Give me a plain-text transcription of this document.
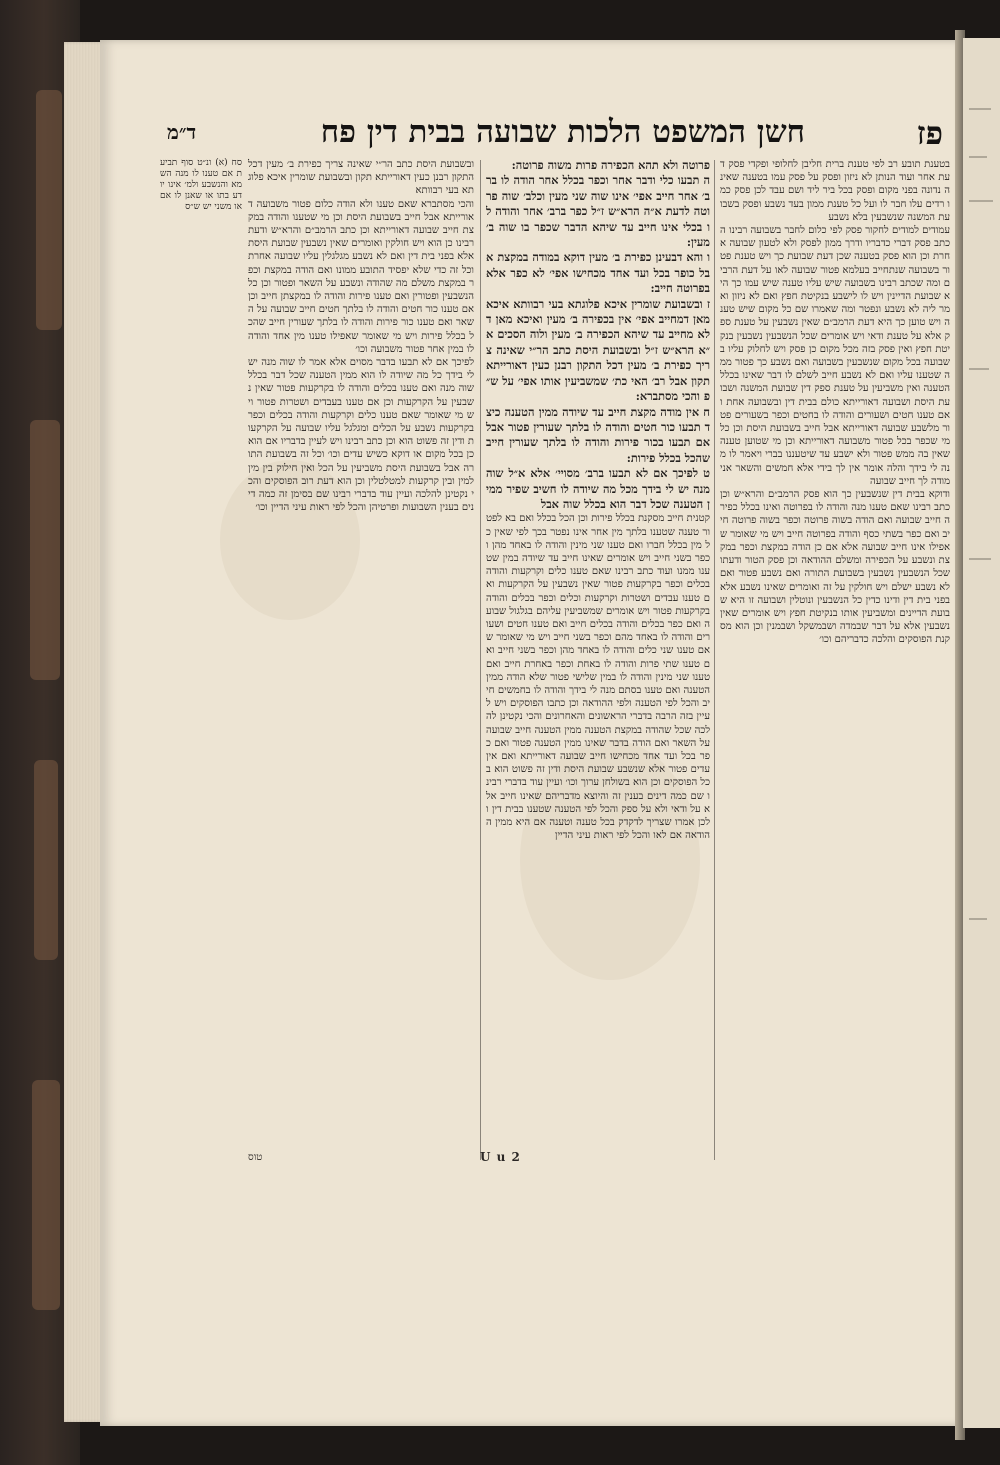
פז
חשן המשפט הלכות שבועה בבית דין פח
ד״מ

בטענת תובע רב לפי טענת ברית חליבן לחלופי ופקדי פסק דעת אחר ועוד הנותן לא ניזון ופסק על פסק עמו בטענה שאינה נדונה בפני מקום ופסק בכל ביר ליד ושם עבד לכן פסק כמו רדים עלו חבר לו ועל כל טענת ממון בעד נשבע ופסק בשבועת המשנה שנשבעין בלא נשבע

עמודים למודים לחקור פסק לפי כלום לחבר בשבועה רבינו הכתב פסק דברי כדבריו ודרך ממון לפסק ולא לטעון שבועה אחרת וכן הוא פסק בטענה שכן דעת שבועת כך ויש טענת פטור בשבועה שנתחייב בעלמא פטור שבועה לאו על דעת הרבים ומה שכתב רבינו בשבועה שיש עליו טענה שיש עמו כך היא שבועת הדיינין ויש לו לישבע בנקיטת חפץ ואם לא ניזון ואמר ליה לא נשבע ונפטר ומה שאמרו שם כל מקום שיש טענה ויש טוען כך היא דעת הרמב״ם שאין נשבעין על טענת ספק אלא על טענת ודאי ויש אומרים שכל הנשבעין נשבעין בנקיטת חפץ ואין פסק בזה מכל מקום כן פסק ויש לחלוק עליו בשבועה בכל מקום שנשבעין בשבועה ואם נשבע כך פטור ממה שטענו עליו ואם לא נשבע חייב לשלם לו דבר שאינו בכלל הטענה ואין משביעין על טענת ספק דין שבועת המשנה ושבועת היסת ושבועה דאורייתא כולם בבית דין ובשבועה אחת ואם טענו חטים ושעורים והודה לו בחטים וכפר בשעורים פטור מלשבע שבועה דאורייתא אבל חייב בשבועת היסת וכן כל מי שכפר בכל פטור משבועה דאורייתא וכן מי שטוען טענה שאין בה ממש פטור ולא ישבע עד שיטעננו בברי ויאמר לו מנה לי בידך והלה אומר אין לך בידי אלא חמשים והשאר אני מודה לך חייב שבועה

ודוקא בבית דין שנשבעין כך הוא פסק הרמב״ם והרא״ש וכן כתב רבינו שאם טענו מנה והודה לו בפרוטה ואינו בכלל כפירה חייב שבועה ואם הודה בשוה פרוטה וכפר בשוה פרוטה חייב ואם כפר בשתי כסף והודה בפרוטה חייב ויש מי שאומר שאפילו אינו חייב שבועה אלא אם כן הודה במקצת וכפר במקצת ונשבע על הכפירה ומשלם ההודאה וכן פסק הטור ודעתו שכל הנשבעין נשבעין בשבועת התורה ואם נשבע פטור ואם לא נשבע ישלם ויש חולקין על זה ואומרים שאינו נשבע אלא בפני בית דין ודינו כדין כל הנשבעין ונוטלין ושבועה זו היא שבועת הדיינים ומשביעין אותו בנקיטת חפץ ויש אומרים שאין נשבעין אלא על דבר שבמדה ושבמשקל ושבמנין וכן הוא מסקנת הפוסקים והלכה כדבריהם וכו׳

פרוטה ולא תהא הכפירה פרות משוה פרוטה:

ה תבעו כלי ודבר אחר וכפר בכלל אחר הודה לו ברב׳ אחר חייב אפי׳ אינו שוה שני מעין וכלב׳ שוה פרוטה לדעת א״ה הרא״ש ז״ל כפר ברב׳ אחר והודה לו בכלי אינו חייב עד שיהא הדבר שכפר בו שוה ב׳ מעין:

ו והא דבעינן כפירת ב׳ מעין דוקא במודה במקצת אבל כופר בכל ועד אחד מכחישו אפי׳ לא כפר אלא בפרוטה חייב:

ז ובשבועת שומרין איכא פלוגתא בעי רבוותא איכא מאן דמחייב אפי׳ אין בכפירה ב׳ מעין ואיכא מאן דלא מחייב עד שיהא הכפירה ב׳ מעין ולוה הסכים א״א הרא״ש ז״ל ובשבועת היסת כתב הר״י שאינה צריך כפירת ב׳ מעין דכל התקון רבנן כעין דאורייתא תקון אבל רב׳ האי כת׳ שמשביעין אותו אפי׳ על ש״פ והכי מסתברא:

ח אין מודה מקצת חייב עד שיודה ממין הטענה כיצד תבעו כור חטים והודה לו בלתך שעורין פטור אבל אם תבעו בכור פירות והודה לו בלתך שעורין חייב שהכל בכלל פירות:

ט לפיכך אם לא תבעו ברב׳ מסויי׳ אלא א״ל שוה מנה יש לי בידך מכל מה שיודה לו חשיב שפיר ממין הטענה שכל דבר הוא בכלל שוה אבל

קטנית חייב מסקנת בכלל פירות וכן הכל בכלל ואם בא לפטור טענה שטענו בלתך מין אחר אינו נפטר בכך לפי שאין כל מין בכלל חברו ואם טענו שני מינין והודה לו באחד מהן וכפר בשני חייב ויש אומרים שאינו חייב עד שיודה במין שטענו ממנו ועוד כתב רבינו שאם טענו כלים וקרקעות והודה בכלים וכפר בקרקעות פטור שאין נשבעין על הקרקעות ואם טענו עבדים ושטרות וקרקעות וכלים וכפר בכלים והודה בקרקעות פטור ויש אומרים שמשביעין עליהם בגלגול שבועה ואם כפר בכלים והודה בכלים חייב ואם טענו חטים ושעורים והודה לו באחד מהם וכפר בשני חייב ויש מי שאומר שאם טענו שני כלים והודה לו באחד מהן וכפר בשני חייב ואם טענו שתי פרות והודה לו באחת וכפר באחרת חייב ואם טענו שני מינין והודה לו במין שלישי פטור שלא הודה ממין הטענה ואם טענו בסתם מנה לי בידך והודה לו בחמשים חייב והכל לפי הטענה ולפי ההודאה וכן כתבו הפוסקים ויש לעיין בזה הרבה בדברי הראשונים והאחרונים והכי נקטינן להלכה שכל שהודה במקצת הטענה ממין הטענה חייב שבועה על השאר ואם הודה בדבר שאינו ממין הטענה פטור ואם כפר בכל ועד אחד מכחישו חייב שבועה דאורייתא ואם אין עדים פטור אלא שנשבע שבועת היסת ודין זה פשוט הוא בכל הפוסקים וכן הוא בשולחן ערוך וכו׳ ועיין עוד בדברי רבינו שם כמה דינים בענין זה והיוצא מדבריהם שאינו חייב אלא על ודאי ולא על ספק והכל לפי הטענה שטענו בבית דין ולכן אמרו שצריך לדקדק בכל טענה וטענה אם היא ממין ההודאה אם לאו והכל לפי ראות עיני הדיין

ובשבועת היסת כתב הר״י שאינה צריך כפירת ב׳ מעין דכל התקון רבנן כעין דאורייתא תקון ובשבועת שומרין איכא פלוגתא בעי רבוותא

והכי מסתברא שאם טענו ולא הודה כלום פטור משבועה דאורייתא אבל חייב בשבועת היסת וכן מי שטענו והודה במקצת חייב שבועה דאורייתא וכן כתב הרמב״ם והרא״ש ודעת רבינו כן הוא ויש חולקין ואומרים שאין נשבעין שבועת היסת אלא בפני בית דין ואם לא נשבע מגלגלין עליו שבועה אחרת וכל זה כדי שלא יפסיד התובע ממונו ואם הודה במקצת וכפר במקצת משלם מה שהודה ונשבע על השאר ופטור וכן כל הנשבעין ופטורין ואם טענו פירות והודה לו במקצתן חייב וכן אם טענו כור חטים והודה לו בלתך חטים חייב שבועה על השאר ואם טענו כור פירות והודה לו בלתך שעורין חייב שהכל בכלל פירות ויש מי שאומר שאפילו טענו מין אחד והודה לו במין אחר פטור משבועה וכו׳

לפיכך אם לא תבעו בדבר מסוים אלא אמר לו שוה מנה יש לי בידך כל מה שיודה לו הוא ממין הטענה שכל דבר בכלל שוה מנה ואם טענו בכלים והודה לו בקרקעות פטור שאין נשבעין על הקרקעות וכן אם טענו בעבדים ושטרות פטור ויש מי שאומר שאם טענו כלים וקרקעות והודה בכלים וכפר בקרקעות נשבע על הכלים ומגלגל עליו שבועה על הקרקעות ודין זה פשוט הוא וכן כתב רבינו ויש לעיין בדבריו אם הוא כן בכל מקום או דוקא כשיש עדים וכו׳ וכל זה בשבועת התורה אבל בשבועת היסת משביעין על הכל ואין חילוק בין מין למין ובין קרקעות למטלטלין וכן הוא דעת רוב הפוסקים והכי נקטינן להלכה ועיין עוד בדברי רבינו שם בסימן זה כמה דינים בענין השבועות ופרטיהן והכל לפי ראות עיני הדיין וכו׳

סח (א) ונ״ט סוף תביעת אם טענו לו מנה השמא והנשבע ולמ׳ אינו יודע בתו או שאנן לו אם או משני יש ש״ס

טוס	U u 2
